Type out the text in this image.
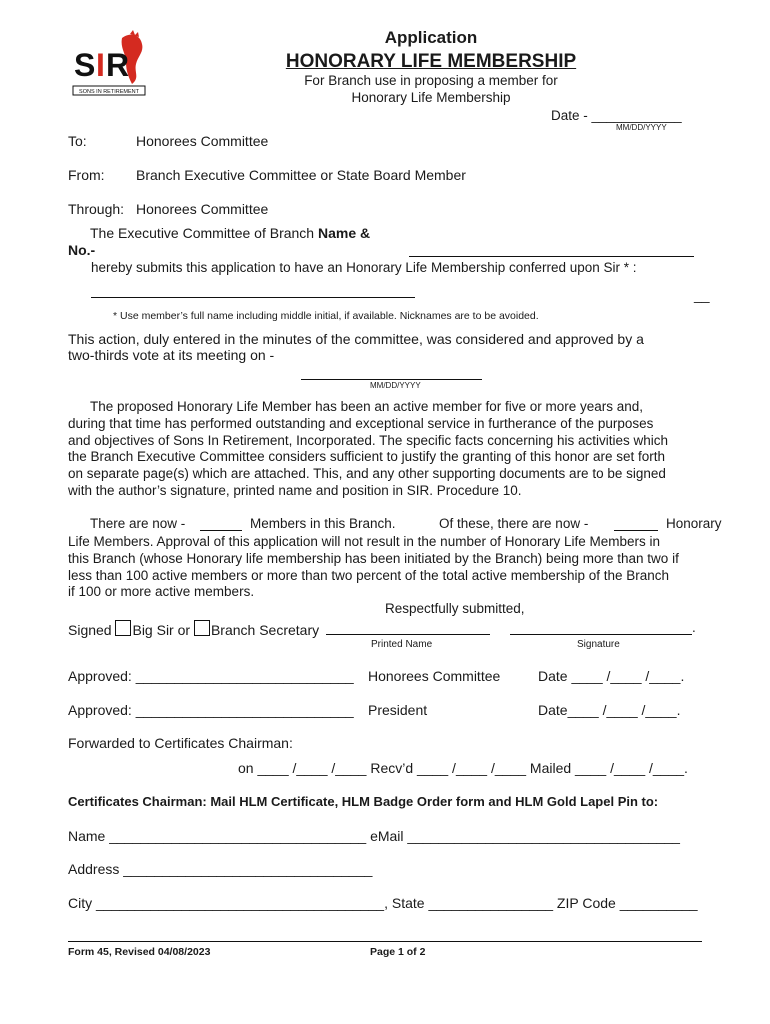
S I R
SONS IN RETIREMENT
Application
HONORARY LIFE MEMBERSHIP
For Branch use in proposing a member for
Honorary Life Membership
Date - ____________
MM/DD/YYYY
To:	Honorees Committee
From: Branch Executive Committee or State Board Member
Through: Honorees Committee
The Executive Committee of Branch Name &
No.-
hereby submits this application to have an Honorary Life Membership conferred upon Sir * :
__
* Use member’s full name including middle initial, if available. Nicknames are to be avoided.
This action, duly entered in the minutes of the committee, was considered and approved by a
two-thirds vote at its meeting on -
MM/DD/YYYY
The proposed Honorary Life Member has been an active member for five or more years and,
during that time has performed outstanding and exceptional service in furtherance of the purposes
and objectives of Sons In Retirement, Incorporated. The specific facts concerning his activities which
the Branch Executive Committee considers sufficient to justify the granting of this honor are set forth
on separate page(s) which are attached. This, and any other supporting documents are to be signed
with the author’s signature, printed name and position in SIR. Procedure 10.
There are now -	Members in this Branch.	Of these, there are now -	Honorary
Life Members. Approval of this application will not result in the number of Honorary Life Members in
this Branch (whose Honorary life membership has been initiated by the Branch) being more than two if
less than 100 active members or more than two percent of the total active membership of the Branch
if 100 or more active members.
Respectfully submitted,
Signed Big Sir or Branch Secretary	.
Printed Name	Signature
Approved: ____________________________ Honorees Committee	Date ____ /____ /____.
Approved: ____________________________ President	Date____ /____ /____.
Forwarded to Certificates Chairman:
on ____ /____ /____ Recv’d ____ /____ /____ Mailed ____ /____ /____.
Certificates Chairman: Mail HLM Certificate, HLM Badge Order form and HLM Gold Lapel Pin to:
Name _________________________________ eMail ___________________________________
Address ________________________________
City _____________________________________, State ________________ ZIP Code __________
Form 45, Revised 04/08/2023	Page 1 of 2
